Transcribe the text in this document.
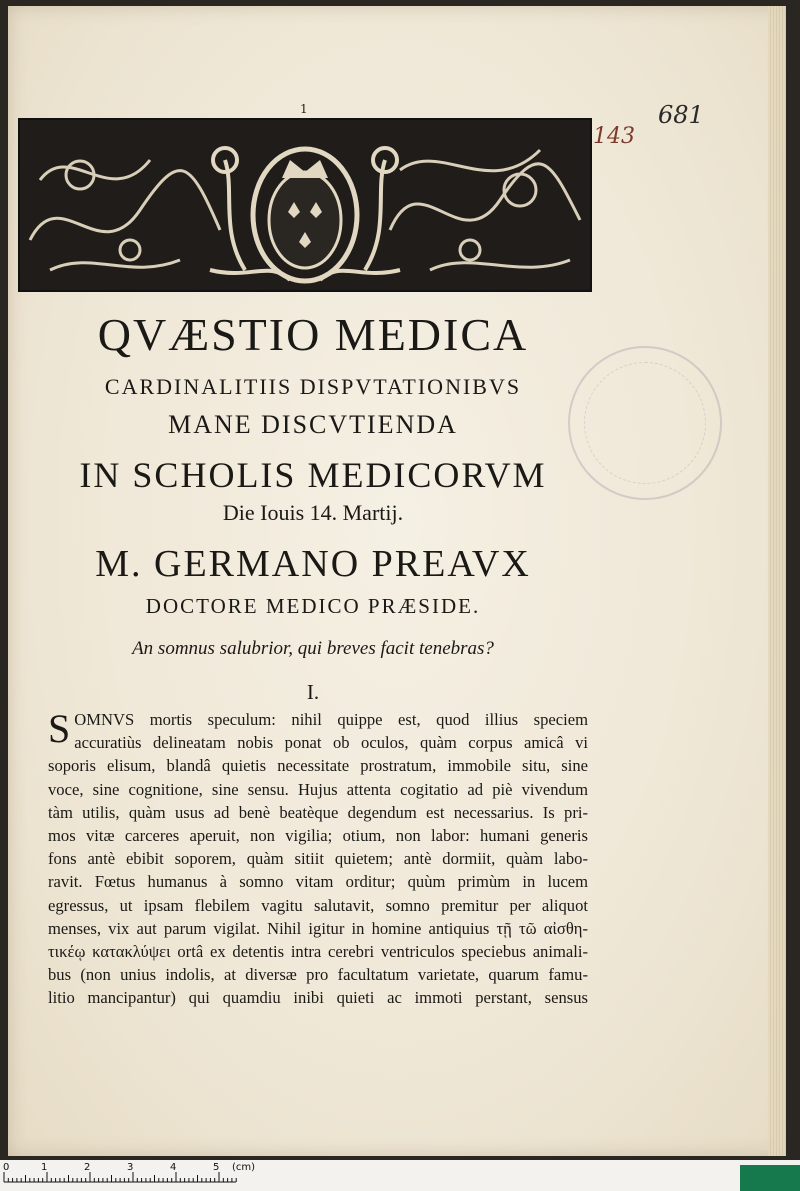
1
143
681
QVÆSTIO MEDICA
CARDINALITIIS DISPVTATIONIBVS
MANE DISCVTIENDA
IN SCHOLIS MEDICORVM
Die Iouis 14. Martij.
M. GERMANO PREAVX
DOCTORE MEDICO PRÆSIDE.
An somnus salubrior, qui breves facit tenebras?
I.
S OMNVS mortis speculum: nihil quippe est, quod illius speciem
accuratiùs delineatam nobis ponat ob oculos, quàm corpus amicâ vi
soporis elisum, blandâ quietis necessitate prostratum, immobile situ, sine
voce, sine cognitione, sine sensu. Hujus attenta cogitatio ad piè vivendum
tàm utilis, quàm usus ad benè beatèque degendum est necessarius. Is pri-
mos vitæ carceres aperuit, non vigilia; otium, non labor: humani generis
fons antè ebibit soporem, quàm sitiit quietem; antè dormiit, quàm labo-
ravit. Fœtus humanus à somno vitam orditur; quùm primùm in lucem
egressus, ut ipsam flebilem vagitu salutavit, somno premitur per aliquot
menses, vix aut parum vigilat. Nihil igitur in homine antiquius τῇ τῶ αἰσθη-
τικέῳ κατακλύψει ortâ ex detentis intra cerebri ventriculos speciebus animali-
bus (non unius indolis, at diversæ pro facultatum varietate, quarum famu-
litio mancipantur) qui quamdiu inibi quieti ac immoti perstant, sensus
0	1	2	3	4	5 (cm)
